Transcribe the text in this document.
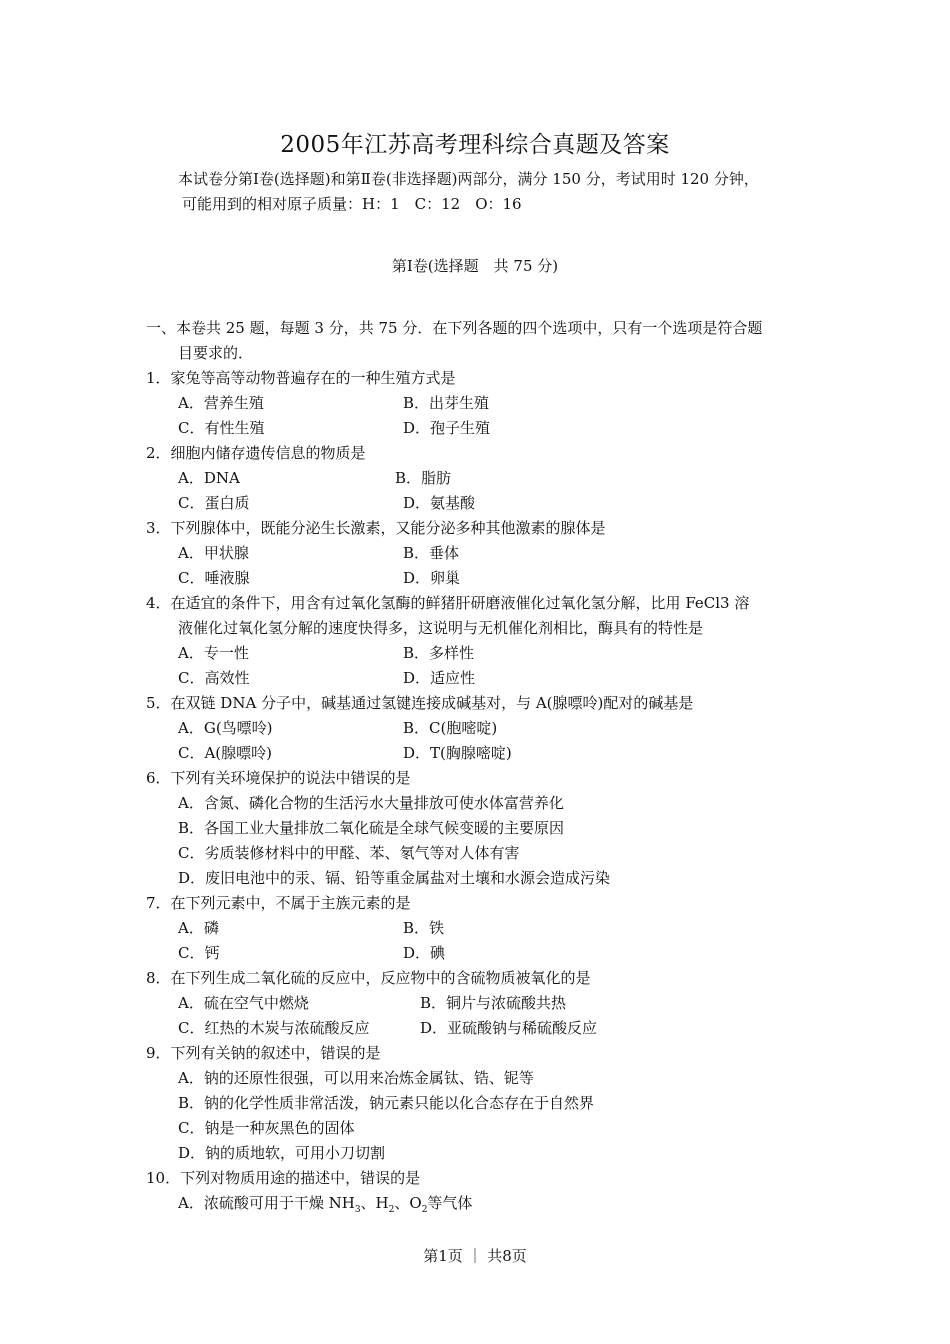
2005年江苏高考理科综合真题及答案
本试卷分第Ⅰ卷(选择题)和第Ⅱ卷(非选择题)两部分，满分 150 分，考试用时 120 分钟，
可能用到的相对原子质量：H：1　C：12　O：16
第Ⅰ卷(选择题　共 75 分)
一、本卷共 25 题，每题 3 分，共 75 分．在下列各题的四个选项中，只有一个选项是符合题
目要求的．
1．家兔等高等动物普遍存在的一种生殖方式是
A．营养生殖	B．出芽生殖
C．有性生殖	D．孢子生殖
2．细胞内储存遗传信息的物质是
A．DNA	B．脂肪
C．蛋白质	D．氨基酸
3．下列腺体中，既能分泌生长激素，又能分泌多种其他激素的腺体是
A．甲状腺	B．垂体
C．唾液腺	D．卵巢
4．在适宜的条件下，用含有过氧化氢酶的鲜猪肝研磨液催化过氧化氢分解，比用 FeCl3 溶
液催化过氧化氢分解的速度快得多，这说明与无机催化剂相比，酶具有的特性是
A．专一性	B．多样性
C．高效性	D．适应性
5．在双链 DNA 分子中，碱基通过氢键连接成碱基对，与 A(腺嘌呤)配对的碱基是
A．G(鸟嘌呤)	B．C(胞嘧啶)
C．A(腺嘌呤)	D．T(胸腺嘧啶)
6．下列有关环境保护的说法中错误的是
A．含氮、磷化合物的生活污水大量排放可使水体富营养化
B．各国工业大量排放二氧化硫是全球气候变暖的主要原因
C．劣质装修材料中的甲醛、苯、氡气等对人体有害
D．废旧电池中的汞、镉、铅等重金属盐对土壤和水源会造成污染
7．在下列元素中，不属于主族元素的是
A．磷	B．铁
C．钙	D．碘
8．在下列生成二氧化硫的反应中，反应物中的含硫物质被氧化的是
A．硫在空气中燃烧	B．铜片与浓硫酸共热
C．红热的木炭与浓硫酸反应	D．亚硫酸钠与稀硫酸反应
9．下列有关钠的叙述中，错误的是
A．钠的还原性很强，可以用来冶炼金属钛、锆、铌等
B．钠的化学性质非常活泼，钠元素只能以化合态存在于自然界
C．钠是一种灰黑色的固体
D．钠的质地软，可用小刀切割
10．下列对物质用途的描述中，错误的是
A．浓硫酸可用于干燥 $NH_3$、$H_2$、$O_2$等气体
第1页 ｜ 共8页
